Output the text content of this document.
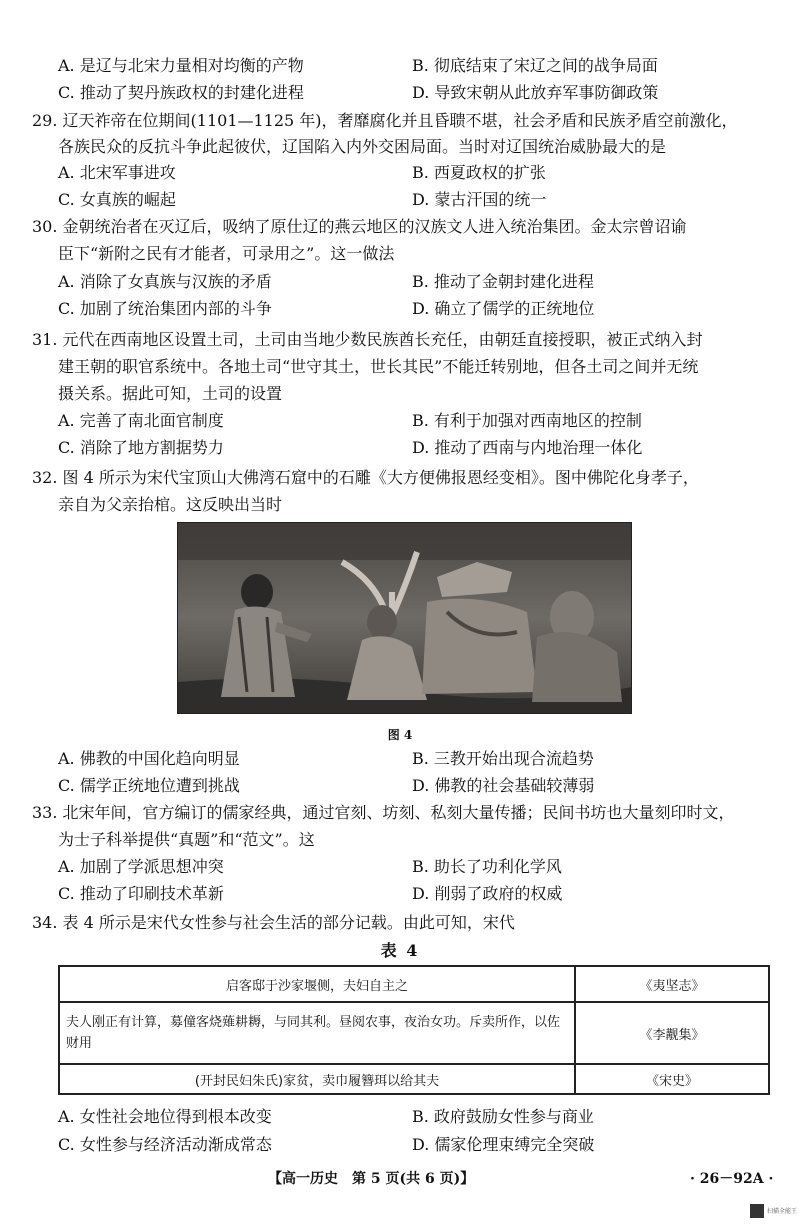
A. 是辽与北宋力量相对均衡的产物	B. 彻底结束了宋辽之间的战争局面
C. 推动了契丹族政权的封建化进程	D. 导致宋朝从此放弃军事防御政策
29. 辽天祚帝在位期间(1101—1125 年)，奢靡腐化并且昏聩不堪，社会矛盾和民族矛盾空前激化，
各族民众的反抗斗争此起彼伏，辽国陷入内外交困局面。当时对辽国统治威胁最大的是
A. 北宋军事进攻	B. 西夏政权的扩张
C. 女真族的崛起	D. 蒙古汗国的统一
30. 金朝统治者在灭辽后，吸纳了原仕辽的燕云地区的汉族文人进入统治集团。金太宗曾诏谕
臣下“新附之民有才能者，可录用之”。这一做法
A. 消除了女真族与汉族的矛盾	B. 推动了金朝封建化进程
C. 加剧了统治集团内部的斗争	D. 确立了儒学的正统地位
31. 元代在西南地区设置土司，土司由当地少数民族酋长充任，由朝廷直接授职，被正式纳入封
建王朝的职官系统中。各地土司“世守其土，世长其民”不能迁转别地，但各土司之间并无统
摄关系。据此可知，土司的设置
A. 完善了南北面官制度	B. 有利于加强对西南地区的控制
C. 消除了地方割据势力	D. 推动了西南与内地治理一体化
32. 图 4 所示为宋代宝顶山大佛湾石窟中的石雕《大方便佛报恩经变相》。图中佛陀化身孝子，
亲自为父亲抬棺。这反映出当时
图 4
A. 佛教的中国化趋向明显	B. 三教开始出现合流趋势
C. 儒学正统地位遭到挑战	D. 佛教的社会基础较薄弱
33. 北宋年间，官方编订的儒家经典，通过官刻、坊刻、私刻大量传播；民间书坊也大量刻印时文，
为士子科举提供“真题”和“范文”。这
A. 加剧了学派思想冲突	B. 助长了功利化学风
C. 推动了印刷技术革新	D. 削弱了政府的权威
34. 表 4 所示是宋代女性参与社会生活的部分记载。由此可知，宋代
表 4
启客邸于沙家堰侧，夫妇自主之	《夷坚志》
夫人刚正有计算，募僮客烧薙耕耨，与同其利。昼阅农事，夜治女功。斥卖所作，以佐财用	《李觏集》
(开封民妇朱氏)家贫，卖巾履簪珥以给其夫	《宋史》
A. 女性社会地位得到根本改变	B. 政府鼓励女性参与商业
C. 女性参与经济活动渐成常态	D. 儒家伦理束缚完全突破
【高一历史　第 5 页(共 6 页)】	· 26－92A ·
扫描全能王
